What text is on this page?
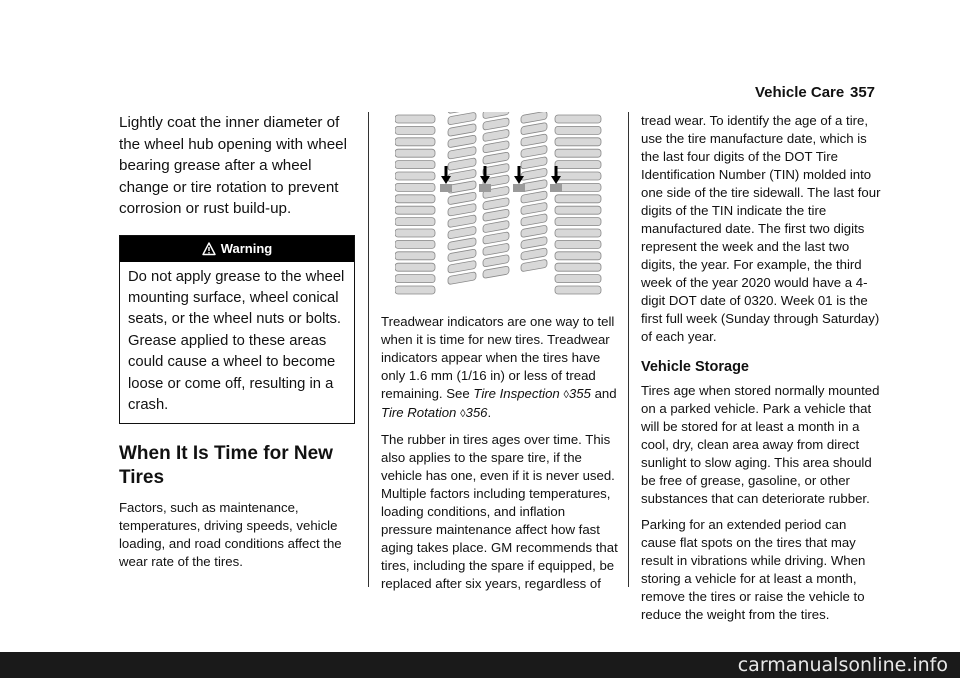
Vehicle Care 357

Lightly coat the inner diameter of the wheel hub opening with wheel bearing grease after a wheel change or tire rotation to prevent corrosion or rust build-up.

Warning
Do not apply grease to the wheel mounting surface, wheel conical seats, or the wheel nuts or bolts. Grease applied to these areas could cause a wheel to become loose or come off, resulting in a crash.
When It Is Time for New Tires

Factors, such as maintenance, temperatures, driving speeds, vehicle loading, and road conditions affect the wear rate of the tires.

Treadwear indicators are one way to tell when it is time for new tires. Treadwear indicators appear when the tires have only 1.6 mm (1/16 in) or less of tread remaining. See Tire Inspection ◊355 and
Tire Rotation ◊356.

The rubber in tires ages over time. This also applies to the spare tire, if the vehicle has one, even if it is never used. Multiple factors including temperatures, loading conditions, and inflation pressure maintenance affect how fast aging takes place. GM recommends that tires, including the spare if equipped, be replaced after six years, regardless of

tread wear. To identify the age of a tire, use the tire manufacture date, which is the last four digits of the DOT Tire Identification Number (TIN) molded into one side of the tire sidewall. The last four digits of the TIN indicate the tire manufactured date. The first two digits represent the week and the last two digits, the year. For example, the third week of the year 2020 would have a 4-digit DOT date of 0320. Week 01 is the first full week (Sunday through Saturday) of each year.

Vehicle Storage

Tires age when stored normally mounted on a parked vehicle. Park a vehicle that will be stored for at least a month in a cool, dry, clean area away from direct sunlight to slow aging. This area should be free of grease, gasoline, or other substances that can deteriorate rubber.

Parking for an extended period can cause flat spots on the tires that may result in vibrations while driving. When storing a vehicle for at least a month, remove the tires or raise the vehicle to reduce the weight from the tires.

carmanualsonline.info
